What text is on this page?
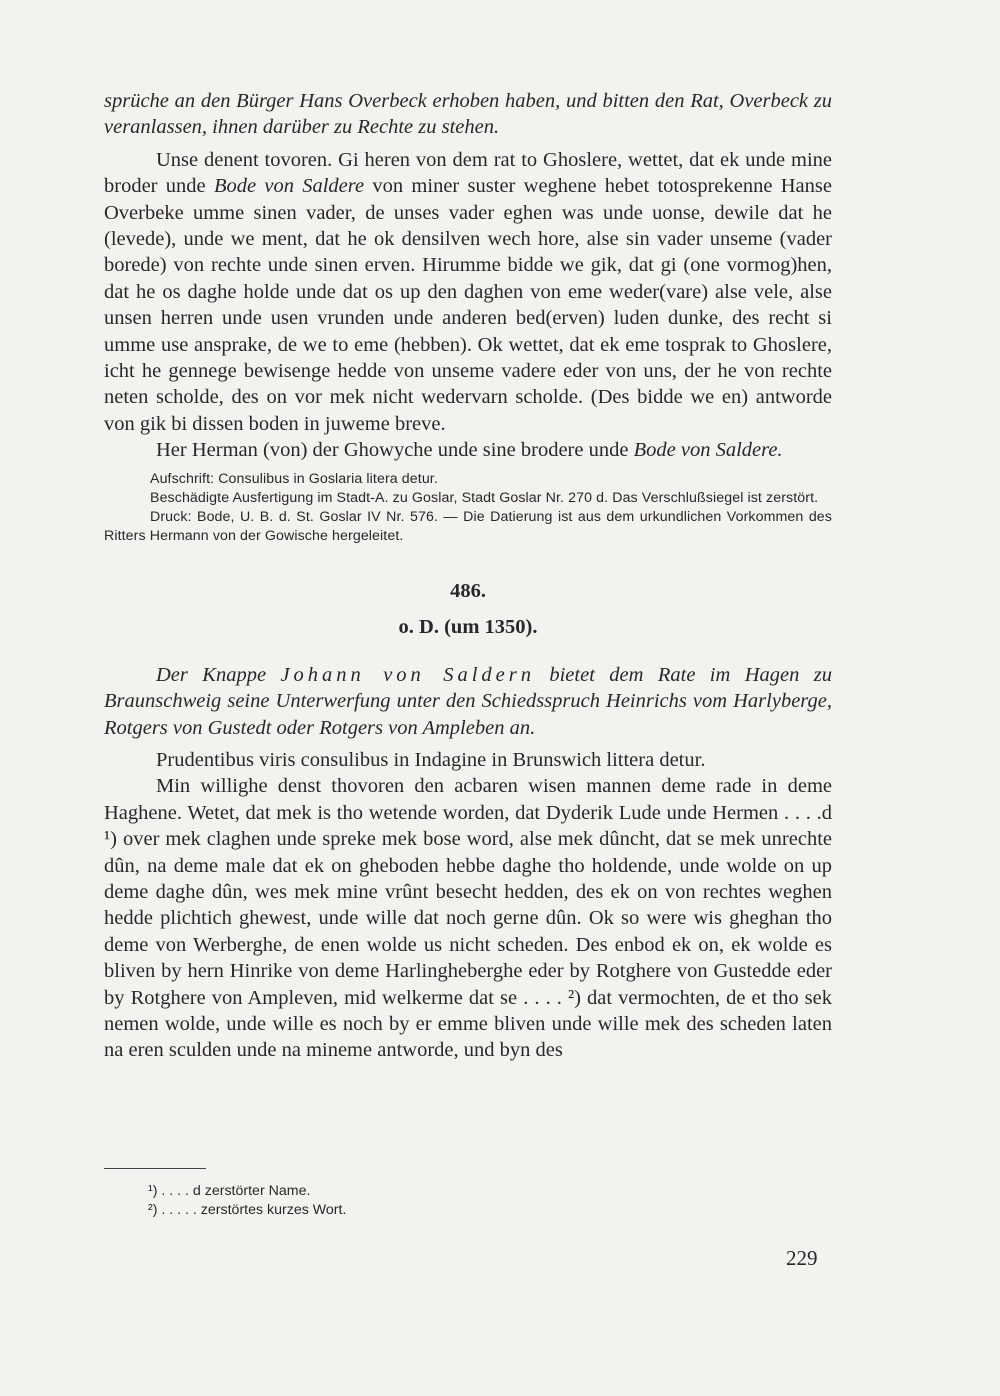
sprüche an den Bürger Hans Overbeck erhoben haben, und bitten den Rat, Overbeck zu veranlassen, ihnen darüber zu Rechte zu stehen.

Unse denent tovoren. Gi heren von dem rat to Ghoslere, wettet, dat ek unde mine broder unde Bode von Saldere von miner suster weghene hebet totosprekenne Hanse Overbeke umme sinen vader, de unses vader eghen was unde uonse, dewile dat he (levede), unde we ment, dat he ok densilven wech hore, alse sin vader unseme (vader borede) von rechte unde sinen erven. Hirumme bidde we gik, dat gi (one vormog)hen, dat he os daghe holde unde dat os up den daghen von eme weder(vare) alse vele, alse unsen herren unde usen vrunden unde anderen bed(erven) luden dunke, des recht si umme use ansprake, de we to eme (hebben). Ok wettet, dat ek eme tosprak to Ghoslere, icht he gennege bewisenge hedde von unseme vadere eder von uns, der he von rechte neten scholde, des on vor mek nicht wedervarn scholde. (Des bidde we en) antworde von gik bi dissen boden in juweme breve.

Her Herman (von) der Ghowyche unde sine brodere unde Bode von Saldere.

Aufschrift: Consulibus in Goslaria litera detur.

Beschädigte Ausfertigung im Stadt-A. zu Goslar, Stadt Goslar Nr. 270 d. Das Verschlußsiegel ist zerstört.

Druck: Bode, U. B. d. St. Goslar IV Nr. 576. — Die Datierung ist aus dem urkundlichen Vorkommen des Ritters Hermann von der Gowische hergeleitet.

486.

o. D. (um 1350).

Der Knappe Johann von Saldern bietet dem Rate im Hagen zu Braunschweig seine Unterwerfung unter den Schiedsspruch Heinrichs vom Harlyberge, Rotgers von Gustedt oder Rotgers von Ampleben an.

Prudentibus viris consulibus in Indagine in Brunswich littera detur.

Min willighe denst thovoren den acbaren wisen mannen deme rade in deme Haghene. Wetet, dat mek is tho wetende worden, dat Dyderik Lude unde Hermen . . . .d ¹) over mek claghen unde spreke mek bose word, alse mek dûncht, dat se mek unrechte dûn, na deme male dat ek on gheboden hebbe daghe tho holdende, unde wolde on up deme daghe dûn, wes mek mine vrûnt besecht hedden, des ek on von rechtes weghen hedde plichtich ghewest, unde wille dat noch gerne dûn. Ok so were wis gheghan tho deme von Werberghe, de enen wolde us nicht scheden. Des enbod ek on, ek wolde es bliven by hern Hinrike von deme Harlingheberghe eder by Rotghere von Gustedde eder by Rotghere von Ampleven, mid welkerme dat se . . . . ²) dat vermochten, de et tho sek nemen wolde, unde wille es noch by er emme bliven unde wille mek des scheden laten na eren sculden unde na mineme antworde, und byn des

¹) . . . . d zerstörter Name.
²) . . . . . zerstörtes kurzes Wort.
229
